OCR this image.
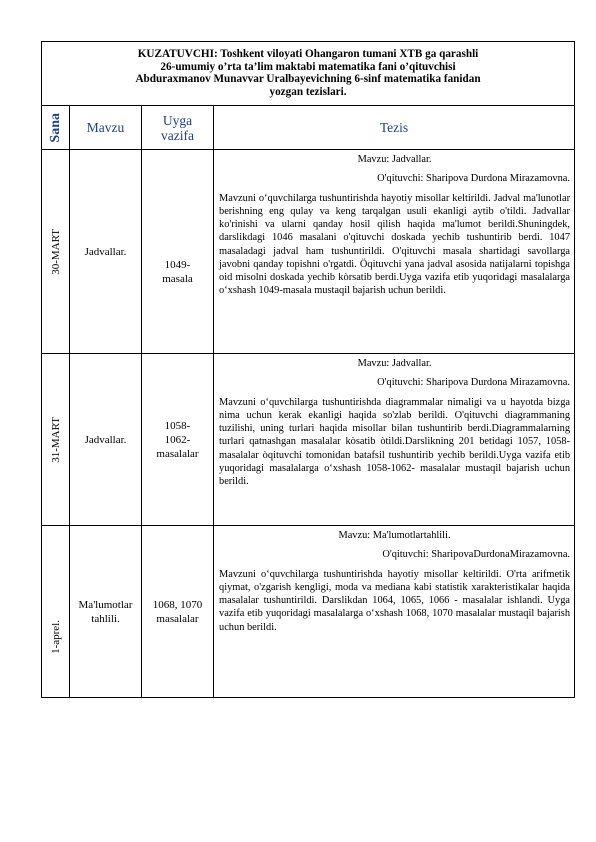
KUZATUVCHI: Toshkent viloyati Ohangaron tumani XTB ga qarashli
26-umumiy o’rta ta’lim maktabi matematika fani o’qituvchisi
Abduraxmanov Munavvar Uralbayevichning 6-sinf matematika fanidan
yozgan tezislari.			

Sana	Mavzu	Uyga vazifa	Tezis

30-MART	Jadvallar.	1049-masala	Mavzu: Jadvallar.
O'qituvchi: Sharipova Durdona Mirazamovna.
Mavzuni o‘quvchilarga tushuntirishda hayotiy misollar keltirildi. Jadval ma'lunotlar berishning eng qulay va keng tarqalgan usuli ekanligi aytib o'tildi. Jadvallar ko'rinishi va ularni qanday hosil qilish haqida ma'lumot berildi.Shuningdek, darslikdagi 1046 masalani o'qituvchi doskada yechib tushuntirib berdi. 1047 masaladagi jadval ham tushuntirildi. O'qituvchi masala shartidagi savollarga javobni qanday topishni o'rgatdi. Öqituvchi yana jadval asosida natijalarni topishga oid misolni doskada yechib kòrsatib berdi.Uyga vazifa etib yuqoridagi masalalarga o‘xshash 1049-masala mustaqil bajarish uchun berildi.

31-MART	Jadvallar.	1058-1062-masalalar	Mavzu: Jadvallar.
O'qituvchi: Sharipova Durdona Mirazamovna.
Mavzuni o‘quvchilarga tushuntirishda diagrammalar nimaligi va u hayotda bizga nima uchun kerak ekanligi haqida so'zlab berildi. O'qituvchi diagrammaning tuzilishi, uning turlari haqida misollar bilan tushuntirib berdi.Diagrammalarning turlari qatnashgan masalalar kòsatib òtildi.Darslikning 201 betidagi 1057, 1058-masalalar òqituvchi tomonidan batafsil tushuntirib yechib berildi.Uyga vazifa etib yuqoridagi masalalarga o‘xshash 1058-1062- masalalar mustaqil bajarish uchun berildi.

1-aprel.	Ma'lumotlar tahlili.	1068, 1070 masalalar	Mavzu: Ma'lumotlartahlili.
O'qituvchi: SharipovaDurdonaMirazamovna.
Mavzuni o‘quvchilarga tushuntirishda hayotiy misollar keltirildi. O'rta arifmetik qiymat, o'zgarish kengligi, moda va mediana kabi statistik xarakteristikalar haqida masalalar tushuntirildi. Darslikdan 1064, 1065, 1066 - masalalar ishlandi. Uyga vazifa etib yuqoridagi masalalarga o‘xshash 1068, 1070 masalalar mustaqil bajarish uchun berildi.
